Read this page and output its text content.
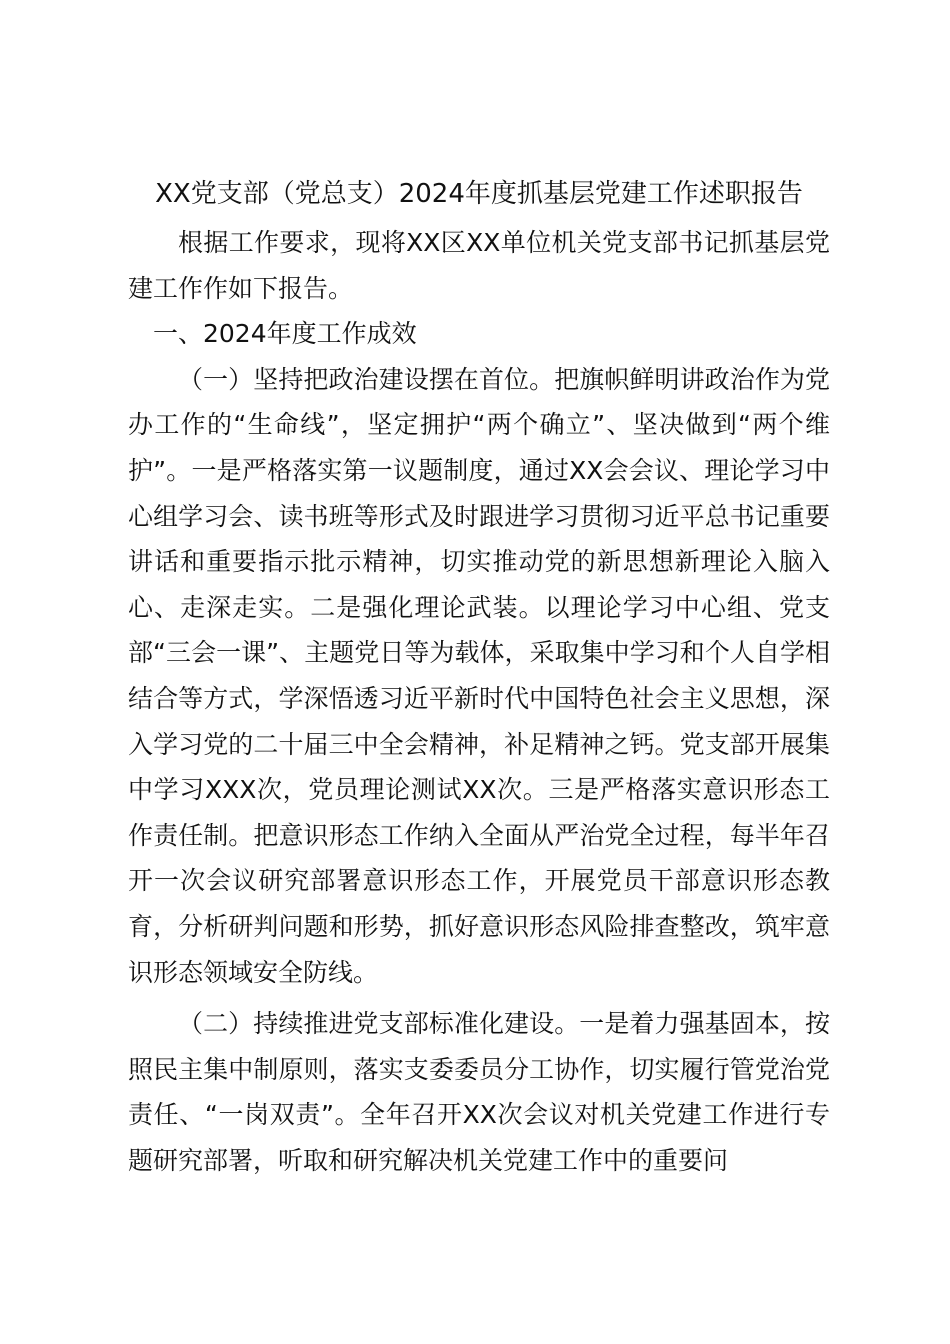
XX党支部（党总支）2024年度抓基层党建工作述职报告

根据工作要求，现将XX区XX单位机关党支部书记抓基层党建工作作如下报告。

一、2024年度工作成效

（一）坚持把政治建设摆在首位。把旗帜鲜明讲政治作为党办工作的“生命线”，坚定拥护“两个确立”、坚决做到“两个维护”。一是严格落实第一议题制度，通过XX会会议、理论学习中心组学习会、读书班等形式及时跟进学习贯彻习近平总书记重要讲话和重要指示批示精神，切实推动党的新思想新理论入脑入心、走深走实。二是强化理论武装。以理论学习中心组、党支部“三会一课”、主题党日等为载体，采取集中学习和个人自学相结合等方式，学深悟透习近平新时代中国特色社会主义思想，深入学习党的二十届三中全会精神，补足精神之钙。党支部开展集中学习XXX次，党员理论测试XX次。三是严格落实意识形态工作责任制。把意识形态工作纳入全面从严治党全过程，每半年召开一次会议研究部署意识形态工作，开展党员干部意识形态教育，分析研判问题和形势，抓好意识形态风险排查整改，筑牢意识形态领域安全防线。

（二）持续推进党支部标准化建设。一是着力强基固本，按照民主集中制原则，落实支委委员分工协作，切实履行管党治党责任、“一岗双责”。全年召开XX次会议对机关党建工作进行专题研究部署，听取和研究解决机关党建工作中的重要问
